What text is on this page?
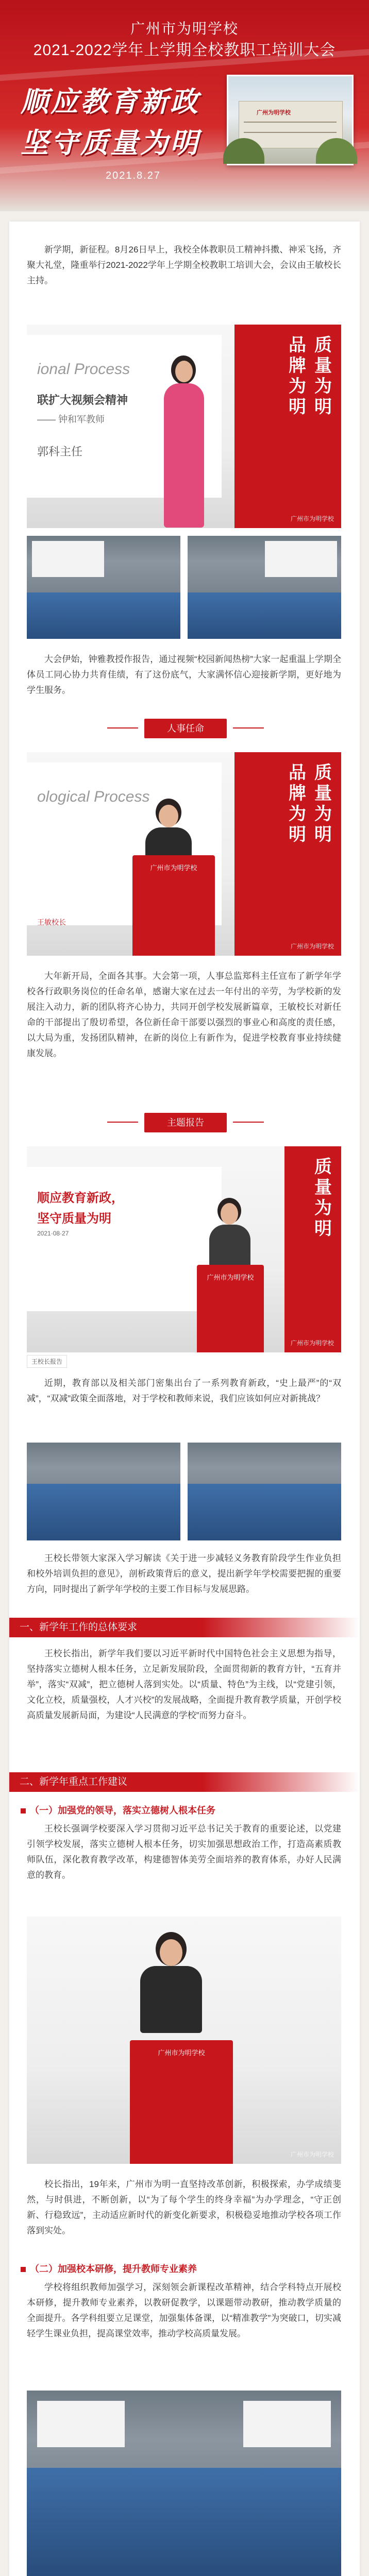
广州市为明学校
2021-2022学年上学期全校教职工培训大会
顺应教育新政
坚守质量为明
2021.8.27
广州为明学校
新学期，新征程。8月26日早上，我校全体教职员工精神抖擞、神采飞扬，齐聚大礼堂，隆重举行2021-2022学年上学期全校教职工培训大会，会议由王敏校长主持。
ional Process
联扩大视频会精神
—— 钟和军教师
郭科主任
质量为明
品牌为明
广州市为明学校
大会伊始，钟雅教授作报告，通过视频“校园新闻热榜”大家一起重温上学期全体员工同心协力共育佳绩，有了这份底气，大家满怀信心迎接新学期，更好地为学生服务。
人事任命
ological Process
质量为明
品牌为明
广州市为明学校
王敏校长
广州市为明学校
大年新开局，全面各其事。大会第一项，人事总监郑科主任宣布了新学年学校各行政职务岗位的任命名单，感谢大家在过去一年付出的辛劳，为学校新的发展注入动力，新的团队将齐心协力，共同开创学校发展新篇章，王敏校长对新任命的干部提出了殷切希望，各位新任命干部要以强烈的事业心和高度的责任感，以大局为重，发扬团队精神，在新的岗位上有新作为，促进学校教育事业持续健康发展。
主题报告
顺应教育新政，
坚守质量为明
2021·08·27
质量为明
广州市为明学校
广州市为明学校
王校长报告
近期，教育部以及相关部门密集出台了一系列教育新政，“史上最严”的“双减”，“双减”政策全面落地，对于学校和教师来说，我们应该如何应对新挑战？
王校长带领大家深入学习解读《关于进一步减轻义务教育阶段学生作业负担和校外培训负担的意见》，剖析政策背后的意义，提出新学年学校需要把握的重要方向，同时提出了新学年学校的主要工作目标与发展思路。
一、新学年工作的总体要求
王校长指出，新学年我们要以习近平新时代中国特色社会主义思想为指导，坚持落实立德树人根本任务，立足新发展阶段，全面贯彻新的教育方针，“五育并举”，落实“双减”，把立德树人落到实处。以“质量、特色”为主线，以“党建引领，文化立校，质量强校，人才兴校”的发展战略，全面提升教育教学质量，开创学校高质量发展新局面，为建设“人民满意的学校”而努力奋斗。
二、新学年重点工作建议
（一）加强党的领导，落实立德树人根本任务
王校长强调学校要深入学习贯彻习近平总书记关于教育的重要论述，以党建引领学校发展，落实立德树人根本任务，切实加强思想政治工作，打造高素质教师队伍，深化教育教学改革，构建德智体美劳全面培养的教育体系，办好人民满意的教育。
广州市为明学校
广州市为明学校
校长指出，19年来，广州市为明一直坚持改革创新，积极探索，办学成绩斐然，与时俱进，不断创新，以“为了每个学生的终身幸福”为办学理念，“守正创新、行稳致远”，主动适应新时代的新变化新要求，积极稳妥地推动学校各项工作落到实处。
（二）加强校本研修，提升教师专业素养
学校将组织教师加强学习，深刻领会新课程改革精神，结合学科特点开展校本研修，提升教师专业素养，以教研促教学，以课题带动教研，推动教学质量的全面提升。各学科组要立足课堂，加强集体备课，以“精准教学”为突破口，切实减轻学生课业负担，提高课堂效率，推动学校高质量发展。
